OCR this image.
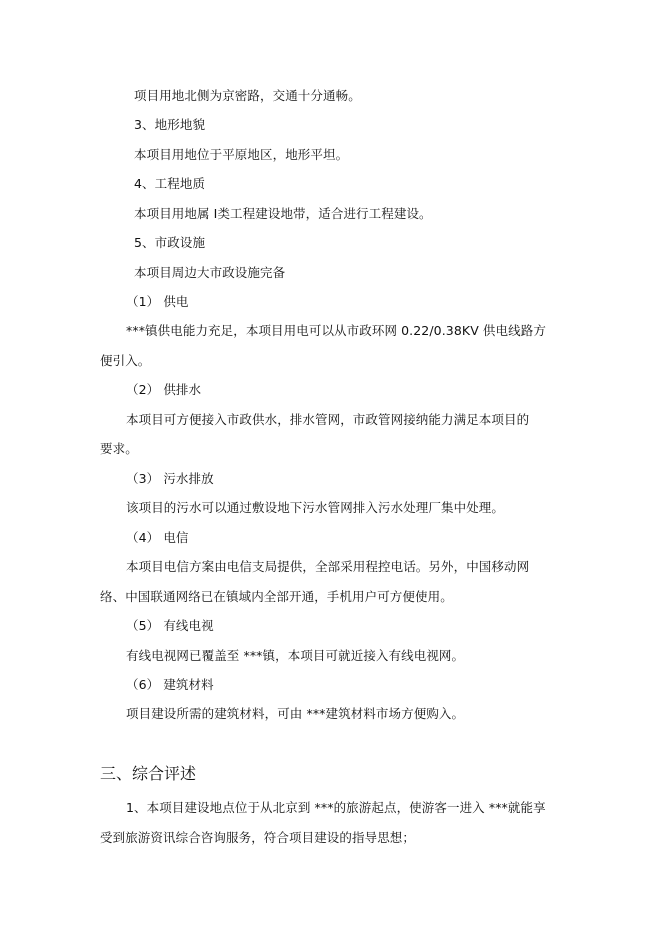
项目用地北侧为京密路，交通十分通畅。
3、地形地貌
本项目用地位于平原地区，地形平坦。
4、工程地质
本项目用地属 Ⅰ类工程建设地带，适合进行工程建设。
5、市政设施
本项目周边大市政设施完备
（1） 供电
***镇供电能力充足，本项目用电可以从市政环网 0.22/0.38KV 供电线路方
便引入。
（2） 供排水
本项目可方便接入市政供水，排水管网，市政管网接纳能力满足本项目的
要求。
（3） 污水排放
该项目的污水可以通过敷设地下污水管网排入污水处理厂集中处理。
（4） 电信
本项目电信方案由电信支局提供，全部采用程控电话。另外，中国移动网
络、中国联通网络已在镇域内全部开通，手机用户可方便使用。
（5） 有线电视
有线电视网已覆盖至 ***镇，本项目可就近接入有线电视网。
（6） 建筑材料
项目建设所需的建筑材料，可由 ***建筑材料市场方便购入。
三、综合评述
1、本项目建设地点位于从北京到 ***的旅游起点，使游客一进入 ***就能享
受到旅游资讯综合咨询服务，符合项目建设的指导思想；
